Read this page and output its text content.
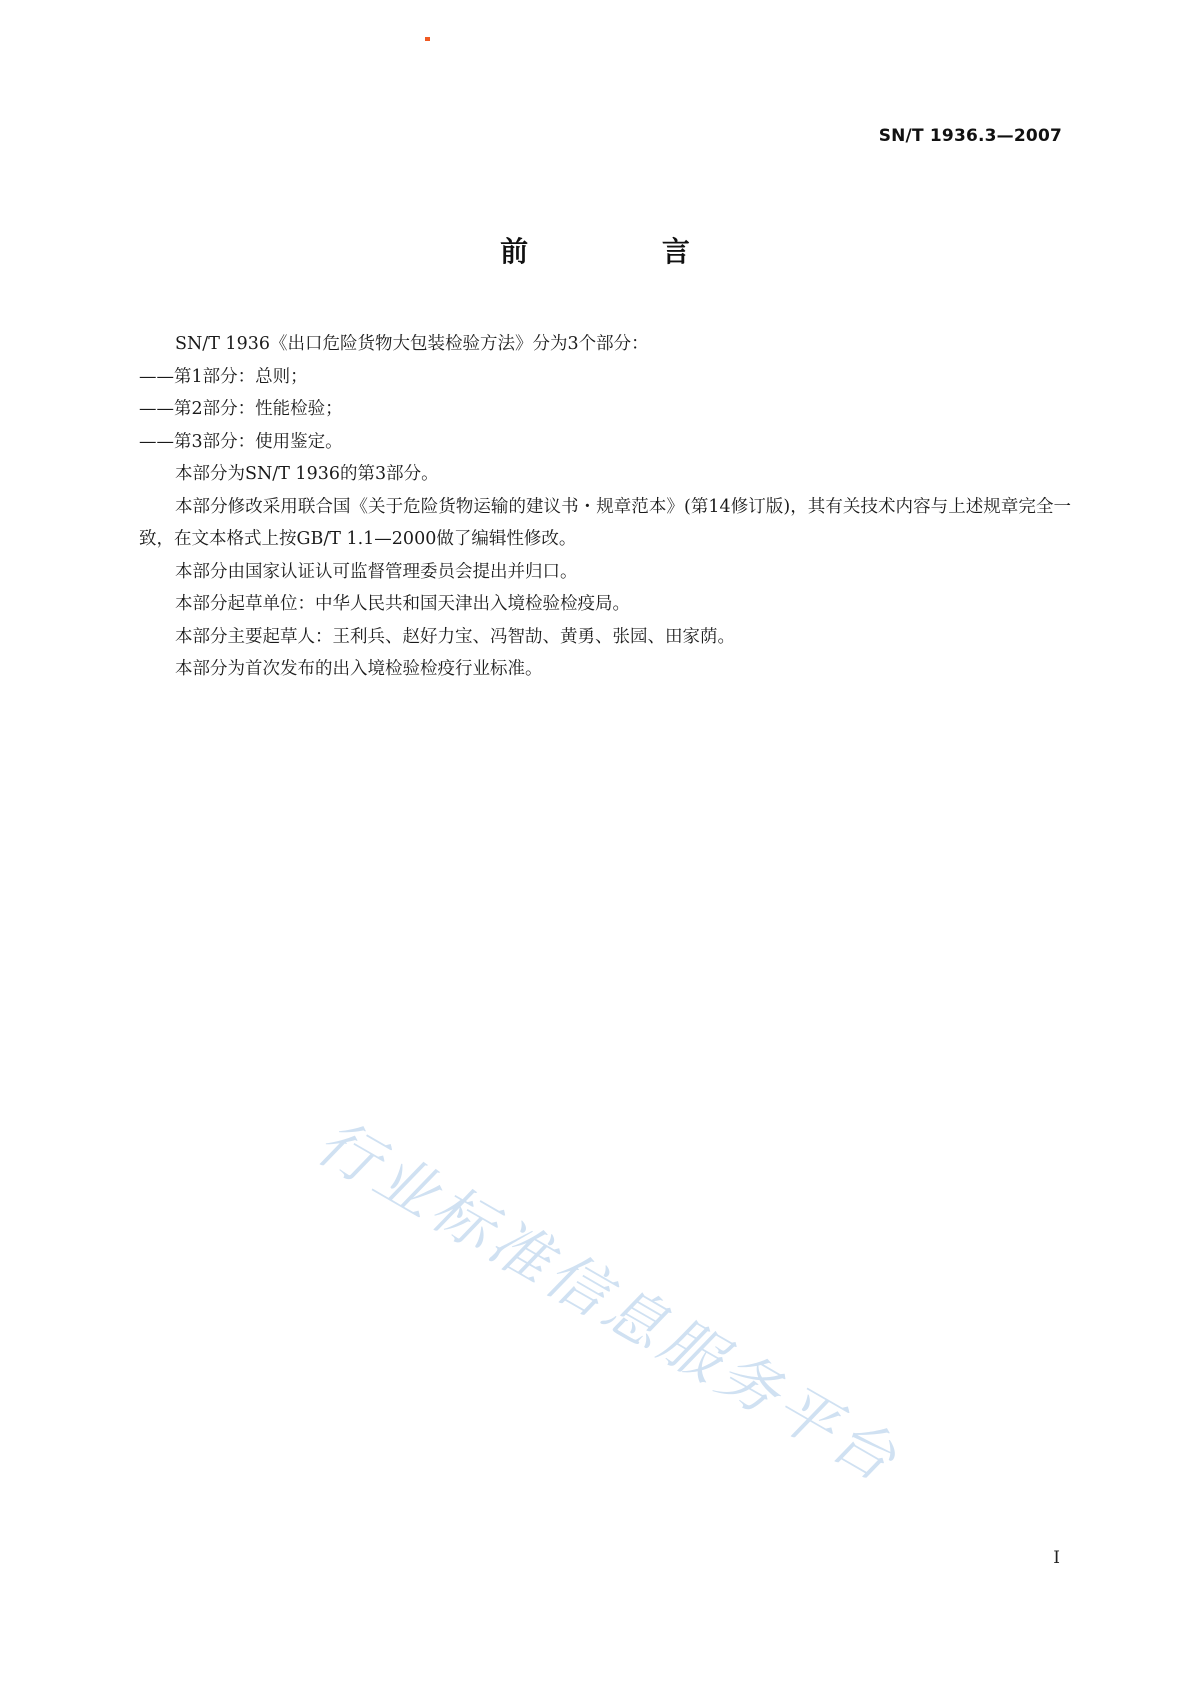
SN/T 1936.3—2007
前 言

SN/T 1936《出口危险货物大包装检验方法》分为3个部分：

——第1部分：总则；

——第2部分：性能检验；

——第3部分：使用鉴定。

本部分为SN/T 1936的第3部分。

本部分修改采用联合国《关于危险货物运输的建议书・规章范本》(第14修订版)，其有关技术内容与上述规章完全一致，在文本格式上按GB/T 1.1—2000做了编辑性修改。

本部分由国家认证认可监督管理委员会提出并归口。

本部分起草单位：中华人民共和国天津出入境检验检疫局。

本部分主要起草人：王利兵、赵好力宝、冯智劼、黄勇、张园、田家荫。

本部分为首次发布的出入境检验检疫行业标准。

行业标准信息服务平台
I
